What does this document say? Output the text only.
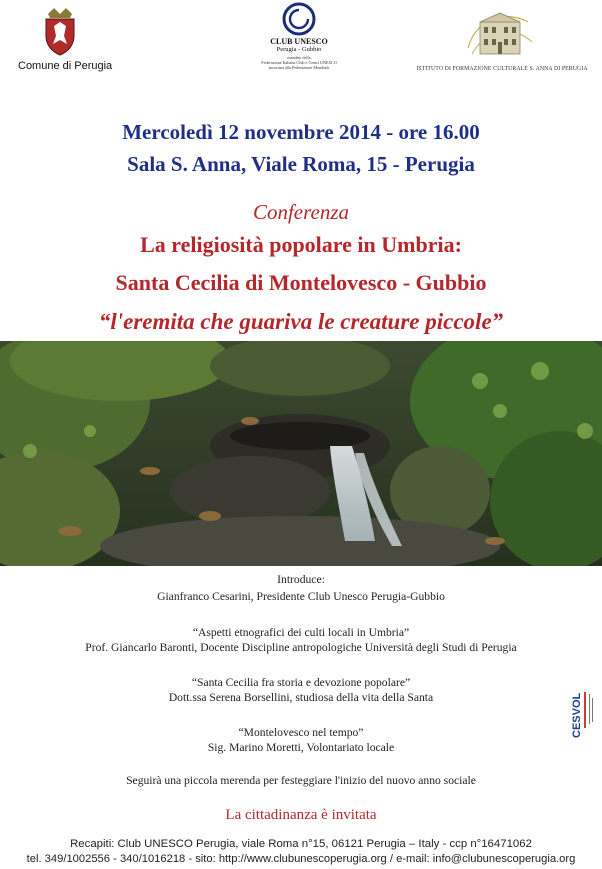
Comune di Perugia
CLUB UNESCO
Perugia - Gubbio
membro della
Federazione Italiana Club e Centri UNESCO
associata alla Federazione Mondiale	ISTITUTO DI FORMAZIONE CULTURALE S. ANNA DI PERUGIA
Mercoledì 12 novembre 2014 - ore 16.00
Sala S. Anna, Viale Roma, 15 - Perugia
Conferenza
La religiosità popolare in Umbria:
Santa Cecilia di Montelovesco - Gubbio
“l'eremita che guariva le creature piccole”
Introduce:
Gianfranco Cesarini, Presidente Club Unesco Perugia-Gubbio
“Aspetti etnografici dei culti locali in Umbria”
Prof. Giancarlo Baronti, Docente Discipline antropologiche Università degli Studi di Perugia
“Santa Cecilia fra storia e devozione popolare”
Dott.ssa Serena Borsellini, studiosa della vita della Santa
“Montelovesco nel tempo”
Sig. Marino Moretti, Volontariato locale
Seguirà una piccola merenda per festeggiare l'inizio del nuovo anno sociale
La cittadinanza è invitata
Recapiti: Club UNESCO Perugia, viale Roma n°15, 06121 Perugia – Italy - ccp n°16471062
tel. 349/1002556 - 340/1016218 - sito: http://www.clubunescoperugia.org / e-mail: info@clubunescoperugia.org
CESVOL
